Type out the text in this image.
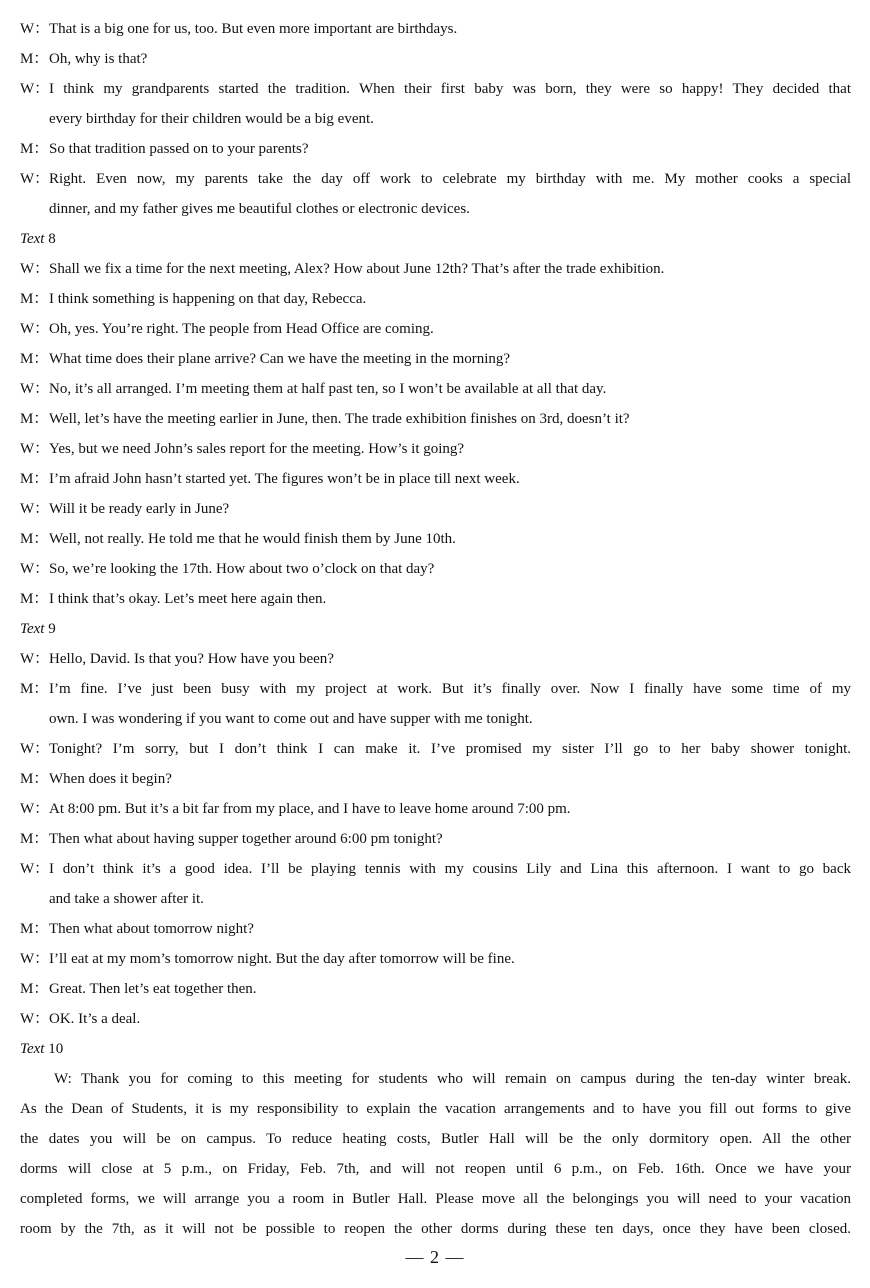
W：That is a big one for us, too. But even more important are birthdays.
M：Oh, why is that?
W：I think my grandparents started the tradition. When their first baby was born, they were so happy! They decided that
every birthday for their children would be a big event.
M：So that tradition passed on to your parents?
W：Right. Even now, my parents take the day off work to celebrate my birthday with me. My mother cooks a special
dinner, and my father gives me beautiful clothes or electronic devices.
Text 8
W：Shall we fix a time for the next meeting, Alex? How about June 12th? That’s after the trade exhibition.
M：I think something is happening on that day, Rebecca.
W：Oh, yes. You’re right. The people from Head Office are coming.
M：What time does their plane arrive? Can we have the meeting in the morning?
W：No, it’s all arranged. I’m meeting them at half past ten, so I won’t be available at all that day.
M：Well, let’s have the meeting earlier in June, then. The trade exhibition finishes on 3rd, doesn’t it?
W：Yes, but we need John’s sales report for the meeting. How’s it going?
M：I’m afraid John hasn’t started yet. The figures won’t be in place till next week.
W：Will it be ready early in June?
M：Well, not really. He told me that he would finish them by June 10th.
W：So, we’re looking the 17th. How about two o’clock on that day?
M：I think that’s okay. Let’s meet here again then.
Text 9
W：Hello, David. Is that you? How have you been?
M：I’m fine. I’ve just been busy with my project at work. But it’s finally over. Now I finally have some time of my
own. I was wondering if you want to come out and have supper with me tonight.
W：Tonight? I’m sorry, but I don’t think I can make it. I’ve promised my sister I’ll go to her baby shower tonight.
M：When does it begin?
W：At 8:00 pm. But it’s a bit far from my place, and I have to leave home around 7:00 pm.
M：Then what about having supper together around 6:00 pm tonight?
W：I don’t think it’s a good idea. I’ll be playing tennis with my cousins Lily and Lina this afternoon. I want to go back
and take a shower after it.
M：Then what about tomorrow night?
W：I’ll eat at my mom’s tomorrow night. But the day after tomorrow will be fine.
M：Great. Then let’s eat together then.
W：OK. It’s a deal.
Text 10
W: Thank you for coming to this meeting for students who will remain on campus during the ten-day winter break.
As the Dean of Students, it is my responsibility to explain the vacation arrangements and to have you fill out forms to give
the dates you will be on campus. To reduce heating costs, Butler Hall will be the only dormitory open. All the other
dorms will close at 5 p.m., on Friday, Feb. 7th, and will not reopen until 6 p.m., on Feb. 16th. Once we have your
completed forms, we will arrange you a room in Butler Hall. Please move all the belongings you will need to your vacation
room by the 7th, as it will not be possible to reopen the other dorms during these ten days, once they have been closed.
— 2 —
